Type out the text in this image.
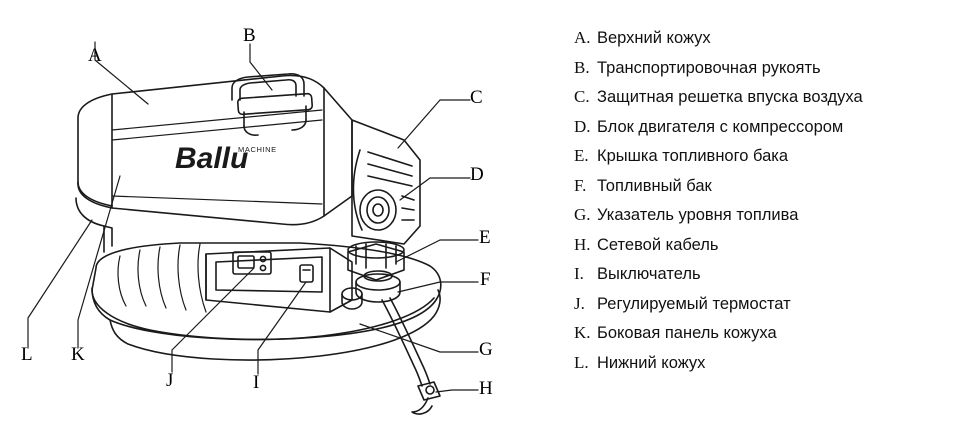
Ballu
MACHINE
A
B
C
D
E
F
G
H
I
J
K
L
A. Верхний кожух
B. Транспортировочная рукоять
C. Защитная решетка впуска воздуха
D. Блок двигателя с компрессором
E. Крышка топливного бака
F. Топливный бак
G. Указатель уровня топлива
H. Сетевой кабель
I. Выключатель
J. Регулируемый термостат
K. Боковая панель кожуха
L. Нижний кожух
